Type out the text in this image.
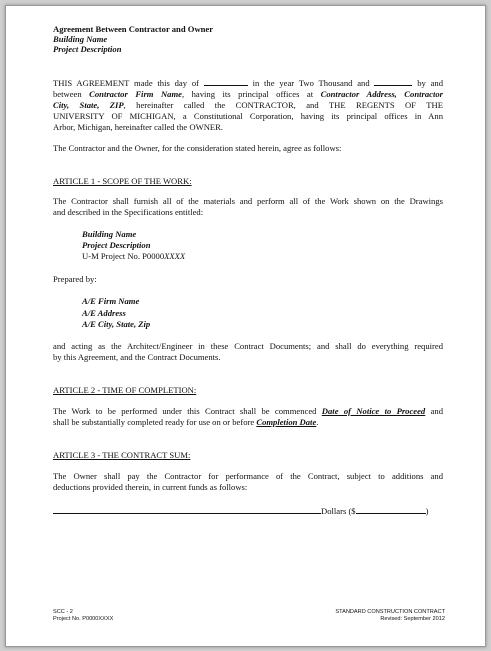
Agreement Between Contractor and Owner
Building Name
Project Description
THIS AGREEMENT made this day of	in the year Two Thousand and	by and
between Contractor Firm Name, having its principal offices at Contractor Address, Contractor
City, State, ZIP, hereinafter called the CONTRACTOR, and THE REGENTS OF THE
UNIVERSITY OF MICHIGAN, a Constitutional Corporation, having its principal offices in Ann
Arbor, Michigan, hereinafter called the OWNER.
The Contractor and the Owner, for the consideration stated herein, agree as follows:
ARTICLE 1 - SCOPE OF THE WORK:
The Contractor shall furnish all of the materials and perform all of the Work shown on the Drawings
and described in the Specifications entitled:
Building Name
Project Description
U-M Project No. P0000XXXX
Prepared by:
A/E Firm Name
A/E Address
A/E City, State, Zip
and acting as the Architect/Engineer in these Contract Documents; and shall do everything required
by this Agreement, and the Contract Documents.
ARTICLE 2 - TIME OF COMPLETION:
The Work to be performed under this Contract shall be commenced Date of Notice to Proceed and
shall be substantially completed ready for use on or before Completion Date.
ARTICLE 3 - THE CONTRACT SUM:
The Owner shall pay the Contractor for performance of the Contract, subject to additions and
deductions provided therein, in current funds as follows:
Dollars ($	)
SCC - 2
Project No. P0000XXXX
STANDARD CONSTRUCTION CONTRACT
Revised: September 2012
